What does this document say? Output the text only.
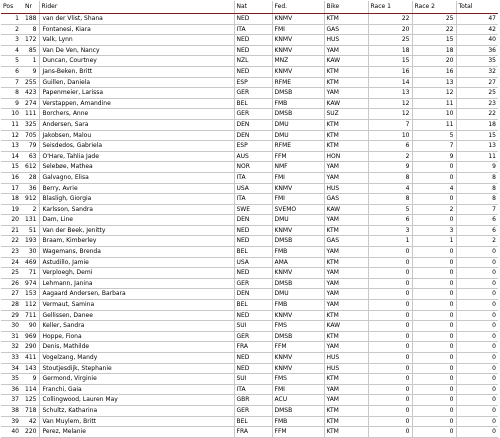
Pos	Nr	Rider	Nat	Fed.	Bike	Race 1	Race 2	Total
1	188	van der Vlist, Shana	NED	KNMV	KTM	22	25	47
2	8	Fontanesi, Kiara	ITA	FMI	GAS	20	22	42
3	172	Valk, Lynn	NED	KNMV	HUS	25	15	40
4	85	Van De Ven, Nancy	NED	KNMV	YAM	18	18	36
5	1	Duncan, Courtney	NZL	MNZ	KAW	15	20	35
6	9	Jans-Beken, Britt	NED	KNMV	KTM	16	16	32
7	255	Guillen, Daniela	ESP	RFME	KTM	14	13	27
8	423	Papenmeier, Larissa	GER	DMSB	YAM	13	12	25
9	274	Verstappen, Amandine	BEL	FMB	KAW	12	11	23
10	111	Borchers, Anne	GER	DMSB	SUZ	12	10	22
11	325	Andersen, Sara	DEN	DMU	KTM	7	11	18
12	705	Jakobsen, Malou	DEN	DMU	KTM	10	5	15
13	79	Seisdedos, Gabriela	ESP	RFME	KTM	6	7	13
14	63	O'Hare, Tahlia Jade	AUS	FFM	HON	2	9	11
15	612	Selebøe, Mathea	NOR	NMF	YAM	9	0	9
16	28	Galvagno, Elisa	ITA	FMI	YAM	8	0	8
17	36	Berry, Avrie	USA	KNMV	HUS	4	4	8
18	912	Blasligh, Giorgia	ITA	FMI	GAS	8	0	8
19	2	Karlsson, Sandra	SWE	SVEMO	KAW	5	2	7
20	131	Dam, Line	DEN	DMU	YAM	6	0	6
21	51	Van der Beek, Jenitty	NED	KNMV	KTM	3	3	6
22	193	Braam, Kimberley	NED	DMSB	GAS	1	1	2
23	30	Wagemans, Brenda	BEL	FMB	YAM	0	0	0
24	469	Astudillo, Jamie	USA	AMA	KTM	0	0	0
25	71	Verploegh, Demi	NED	KNMV	YAM	0	0	0
26	974	Lehmann, Janina	GER	DMSB	YAM	0	0	0
27	153	Aagaard Andersen, Barbara	DEN	DMU	YAM	0	0	0
28	112	Vermaut, Samina	BEL	FMB	YAM	0	0	0
29	711	Gellissen, Danee	NED	KNMV	KTM	0	0	0
30	90	Keller, Sandra	SUI	FMS	KAW	0	0	0
31	969	Hoppe, Fiona	GER	DMSB	KTM	0	0	0
32	290	Denis, Mathilde	FRA	FFM	YAM	0	0	0
33	411	Vogelzang, Mandy	NED	KNMV	HUS	0	0	0
34	143	Stoutjesdijk, Stephanie	NED	KNMV	HUS	0	0	0
35	9	Germond, Virginie	SUI	FMS	KTM	0	0	0
36	114	Franchi, Gaia	ITA	FMI	YAM	0	0	0
37	125	Collingwood, Lauren May	GBR	ACU	YAM	0	0	0
38	718	Schultz, Katharina	GER	DMSB	KTM	0	0	0
39	42	Van Muylem, Britt	BEL	FMB	KTM	0	0	0
40	220	Perez, Melanie	FRA	FFM	KTM	0	0	0
